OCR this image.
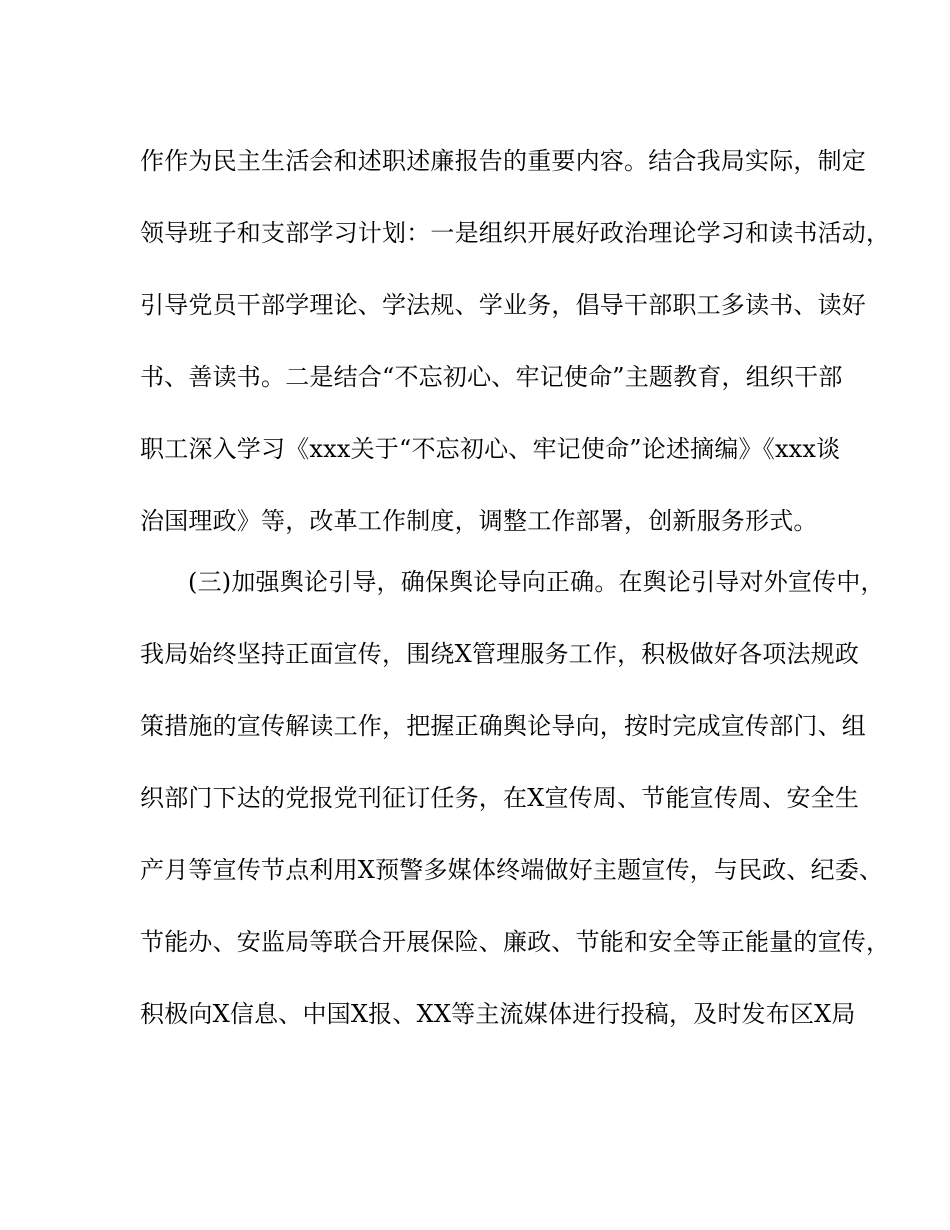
作作为民主生活会和述职述廉报告的重要内容。结合我局实际，制定
领导班子和支部学习计划：一是组织开展好政治理论学习和读书活动，
引导党员干部学理论、学法规、学业务，倡导干部职工多读书、读好
书、善读书。二是结合“不忘初心、牢记使命”主题教育，组织干部
职工深入学习《xxx关于“不忘初心、牢记使命”论述摘编》《xxx谈
治国理政》等，改革工作制度，调整工作部署，创新服务形式。
(三)加强舆论引导，确保舆论导向正确。在舆论引导对外宣传中，
我局始终坚持正面宣传，围绕X管理服务工作，积极做好各项法规政
策措施的宣传解读工作，把握正确舆论导向，按时完成宣传部门、组
织部门下达的党报党刊征订任务，在X宣传周、节能宣传周、安全生
产月等宣传节点利用X预警多媒体终端做好主题宣传，与民政、纪委、
节能办、安监局等联合开展保险、廉政、节能和安全等正能量的宣传，
积极向X信息、中国X报、XX等主流媒体进行投稿，及时发布区X局
